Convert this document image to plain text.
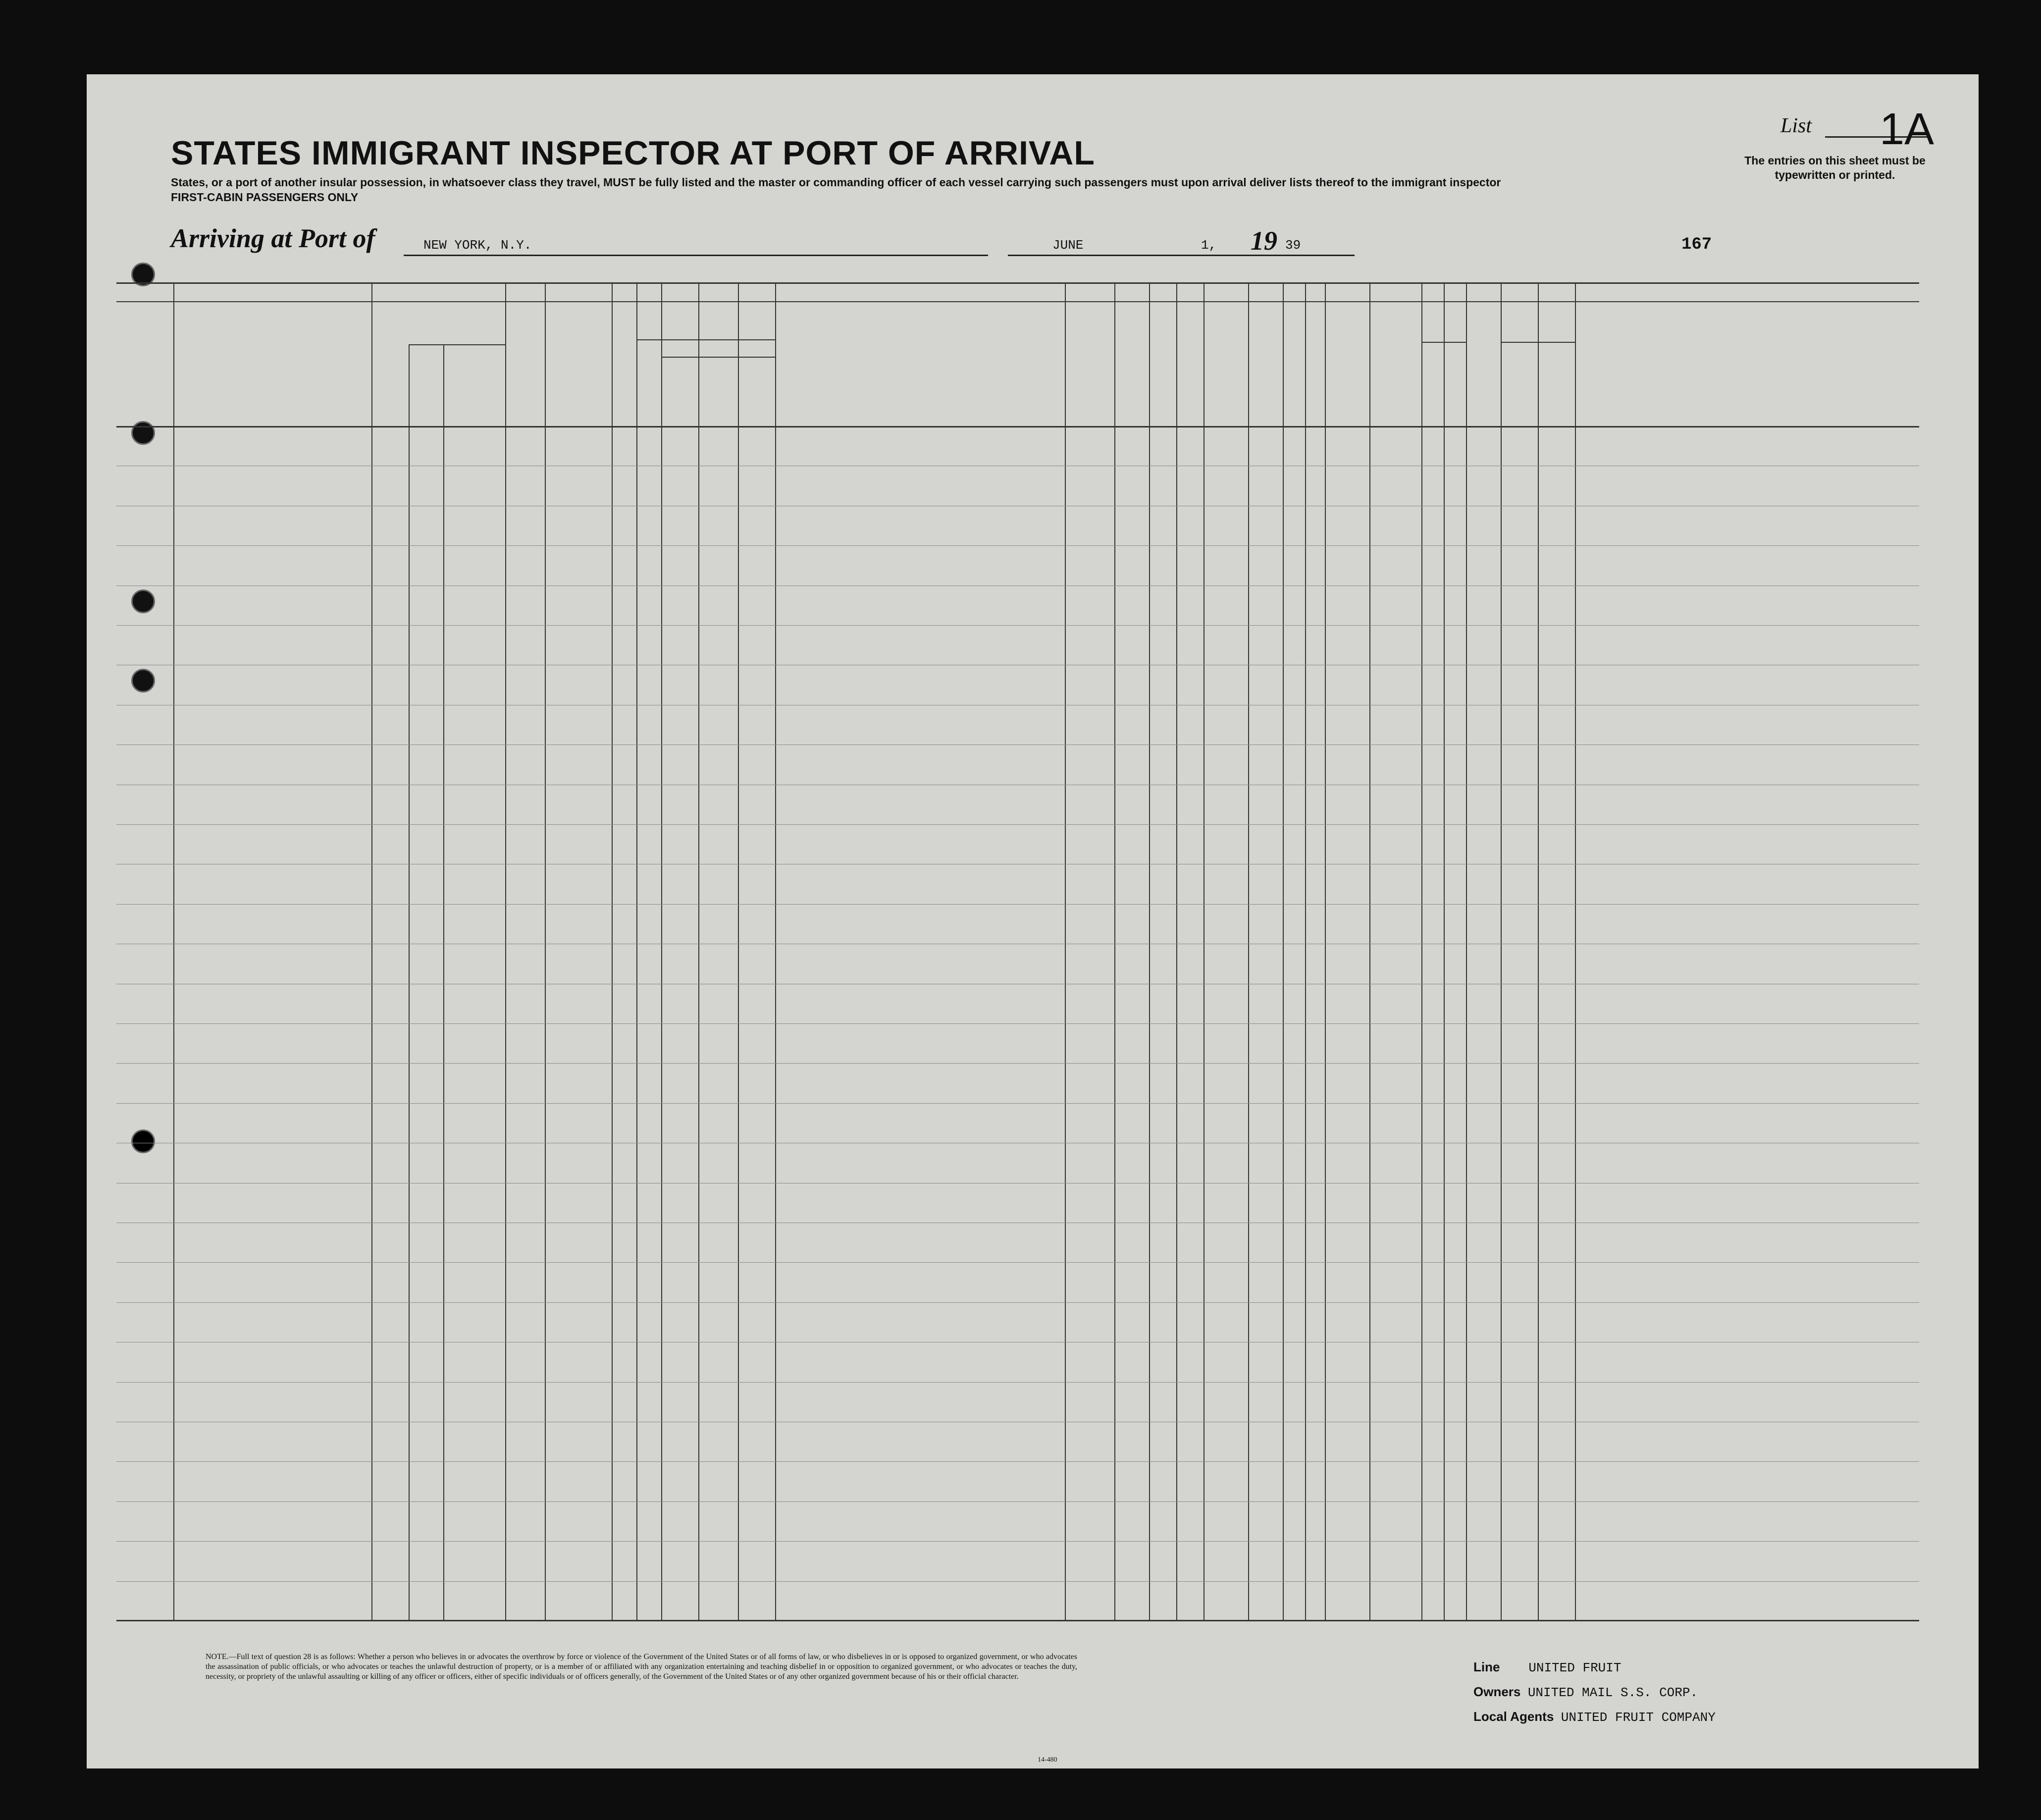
STATES IMMIGRANT INSPECTOR AT PORT OF ARRIVAL
States, or a port of another insular possession, in whatsoever class they travel, MUST be fully listed and the master or commanding officer of each vessel carrying such passengers must upon arrival deliver lists thereof to the immigrant inspector
FIRST-CABIN PASSENGERS ONLY
List 1A
The entries on this sheet must be typewritten or printed.
Arriving at Port of	NEW YORK, N.Y.	JUNE	1, 19 39	167
NOTE.—Full text of question 28 is as follows: Whether a person who believes in or advocates the overthrow by force or violence of the Government of the United States or of all forms of law, or who disbelieves in or is opposed to organized government, or who advocates the assassination of public officials, or who advocates or teaches the unlawful destruction of property, or is a member of or affiliated with any organization entertaining and teaching disbelief in or opposition to organized government, or who advocates or teaches the duty, necessity, or propriety of the unlawful assaulting or killing of any officer or officers, either of specific individuals or of officers generally, of the Government of the United States or of any other organized government because of his or their official character.
14-480
Line UNITED FRUIT
Owners UNITED MAIL S.S. CORP.
Local Agents UNITED FRUIT COMPANY
